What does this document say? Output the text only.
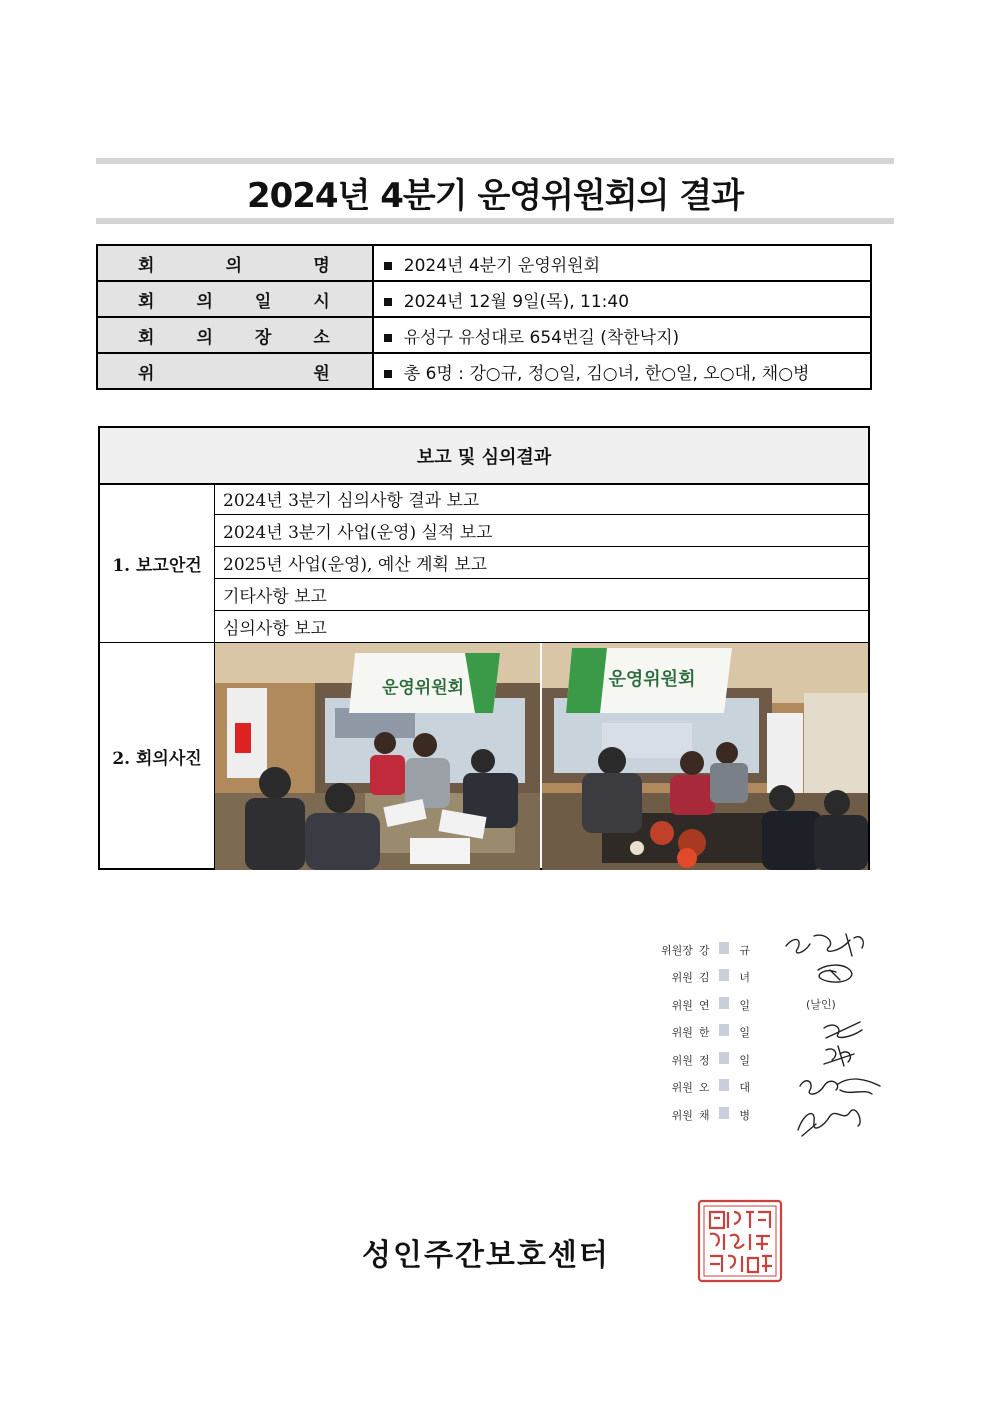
2024년 4분기 운영위원회의 결과
회 의 명	2024년 4분기 운영위원회

회 의 일 시	2024년 12월 9일(목), 11:40

회 의 장 소	유성구 유성대로 654번길 (착한낙지)

위 원	총 6명 : 강○규, 정○일, 김○녀, 한○일, 오○대, 채○병
보고 및 심의결과
1. 보고안건
2024년 3분기 심의사항 결과 보고
2024년 3분기 사업(운영) 실적 보고
2025년 사업(운영), 예산 계획 보고
기타사항 보고
심의사항 보고
2. 회의사진
운영위원회	운영위원회
위원장 강	규
위원 김	녀
위원 연	일
위원 한	일
위원 정	일
위원 오	대
위원 채	병
(날인)
성인주간보호센터
